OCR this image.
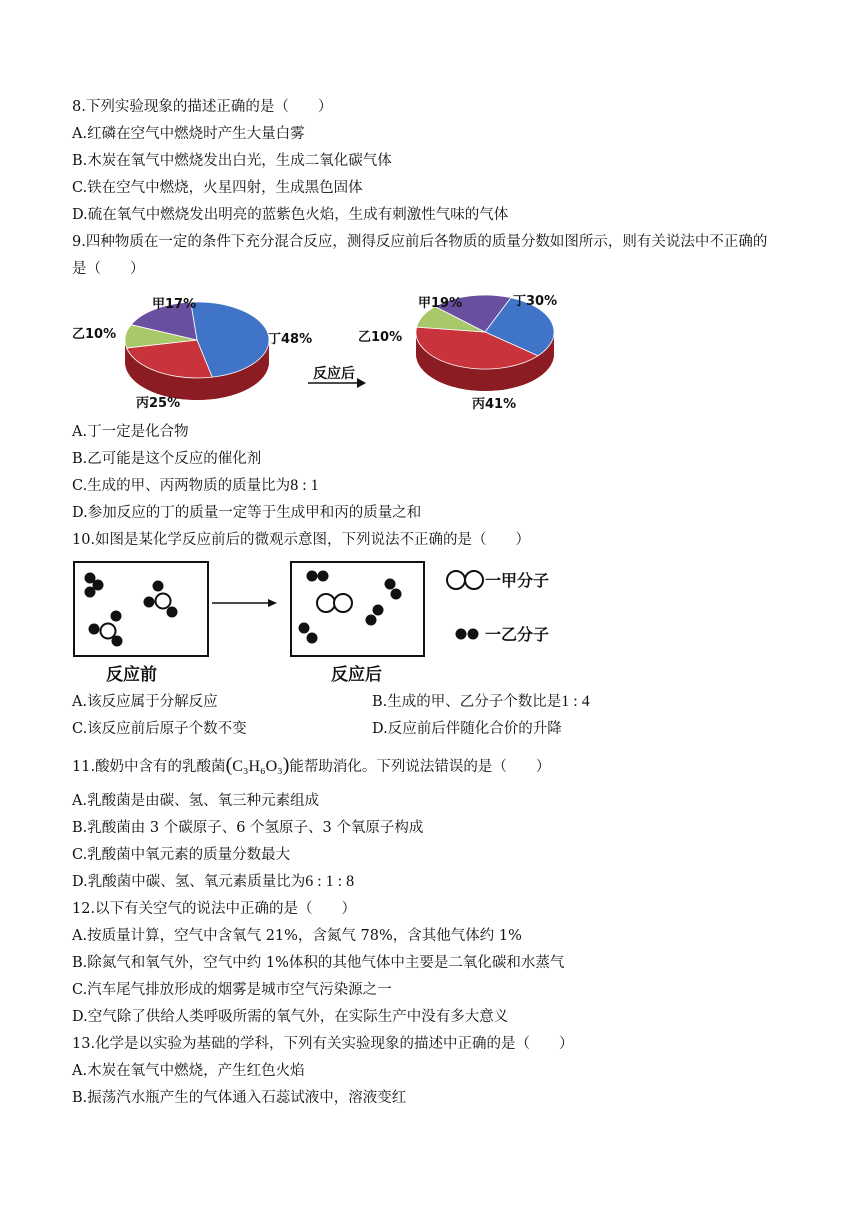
8.下列实验现象的描述正确的是（　　）
A.红磷在空气中燃烧时产生大量白雾
B.木炭在氧气中燃烧发出白光，生成二氧化碳气体
C.铁在空气中燃烧，火星四射，生成黑色固体
D.硫在氧气中燃烧发出明亮的蓝紫色火焰，生成有刺激性气味的气体
9.四种物质在一定的条件下充分混合反应，测得反应前后各物质的质量分数如图所示，则有关说法中不正确的
是（　　）
甲17%
乙10%	丁48%
丙25%
反应后
甲19%	丁30%
乙10%
丙41%
A.丁一定是化合物
B.乙可能是这个反应的催化剂
C.生成的甲、丙两物质的质量比为8 : 1
D.参加反应的丁的质量一定等于生成甲和丙的质量之和
10.如图是某化学反应前后的微观示意图，下列说法不正确的是（　　）
反应前	反应后
一甲分子
一乙分子
A.该反应属于分解反应	B.生成的甲、乙分子个数比是1 : 4
C.该反应前后原子个数不变	D.反应前后伴随化合价的升降
11.酸奶中含有的乳酸菌(C₃H₆O₃)能帮助消化。下列说法错误的是（　　）
A.乳酸菌是由碳、氢、氧三种元素组成
B.乳酸菌由 3 个碳原子、6 个氢原子、3 个氧原子构成
C.乳酸菌中氧元素的质量分数最大
D.乳酸菌中碳、氢、氧元素质量比为6 : 1 : 8
12.以下有关空气的说法中正确的是（　　）
A.按质量计算，空气中含氧气 21%，含氮气 78%，含其他气体约 1%
B.除氮气和氧气外，空气中约 1%体积的其他气体中主要是二氧化碳和水蒸气
C.汽车尾气排放形成的烟雾是城市空气污染源之一
D.空气除了供给人类呼吸所需的氧气外，在实际生产中没有多大意义
13.化学是以实验为基础的学科，下列有关实验现象的描述中正确的是（　　）
A.木炭在氧气中燃烧，产生红色火焰
B.振荡汽水瓶产生的气体通入石蕊试液中，溶液变红
